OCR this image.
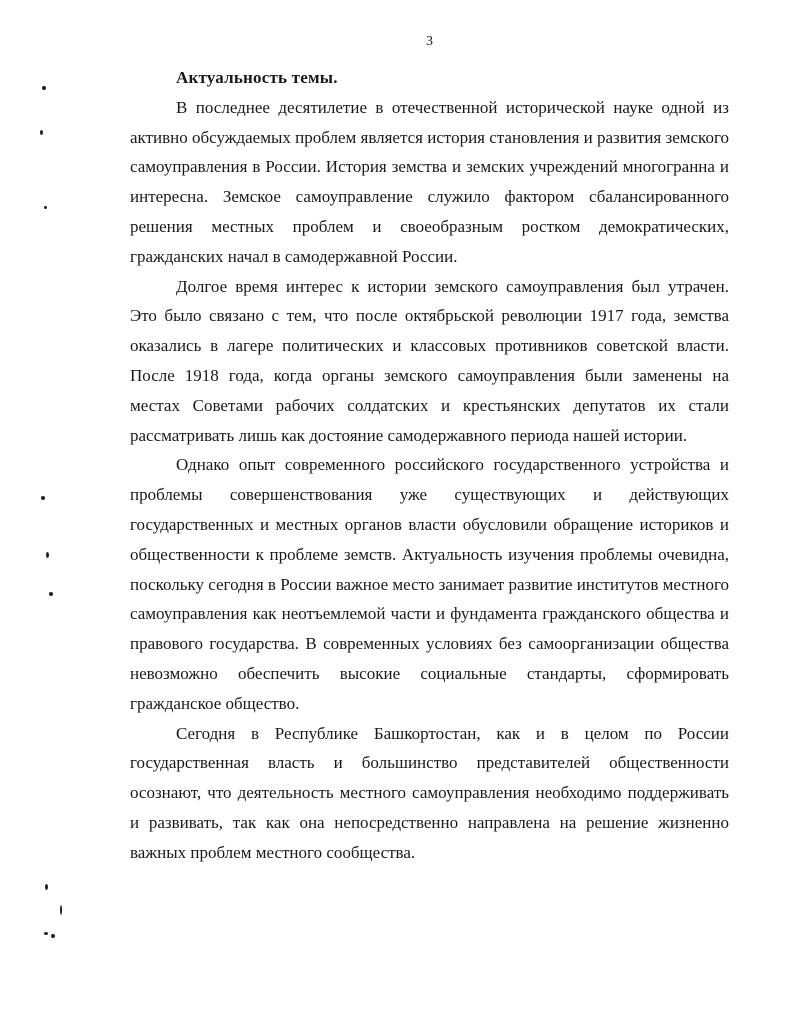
3

Актуальность темы.

В последнее десятилетие в отечественной исторической науке одной из активно обсуждаемых проблем является история становления и развития земского самоуправления в России. История земства и земских учреждений многогранна и интересна. Земское самоуправление служило фактором сбалансированного решения местных проблем и своеобразным ростком демократических, гражданских начал в самодержавной России.

Долгое время интерес к истории земского самоуправления был утрачен. Это было связано с тем, что после октябрьской революции 1917 года, земства оказались в лагере политических и классовых противников советской власти. После 1918 года, когда органы земского самоуправления были заменены на местах Советами рабочих солдатских и крестьянских депутатов их стали рассматривать лишь как достояние самодержавного периода нашей истории.

Однако опыт современного российского государственного устройства и проблемы совершенствования уже существующих и действующих государственных и местных органов власти обусловили обращение историков и общественности к проблеме земств. Актуальность изучения проблемы очевидна, поскольку сегодня в России важное место занимает развитие институтов местного самоуправления как неотъемлемой части и фундамента гражданского общества и правового государства. В современных условиях без самоорганизации общества невозможно обеспечить высокие социальные стандарты, сформировать гражданское общество.

Сегодня в Республике Башкортостан, как и в целом по России государственная власть и большинство представителей общественности осознают, что деятельность местного самоуправления необходимо поддерживать и развивать, так как она непосредственно направлена на решение жизненно важных проблем местного сообщества.
